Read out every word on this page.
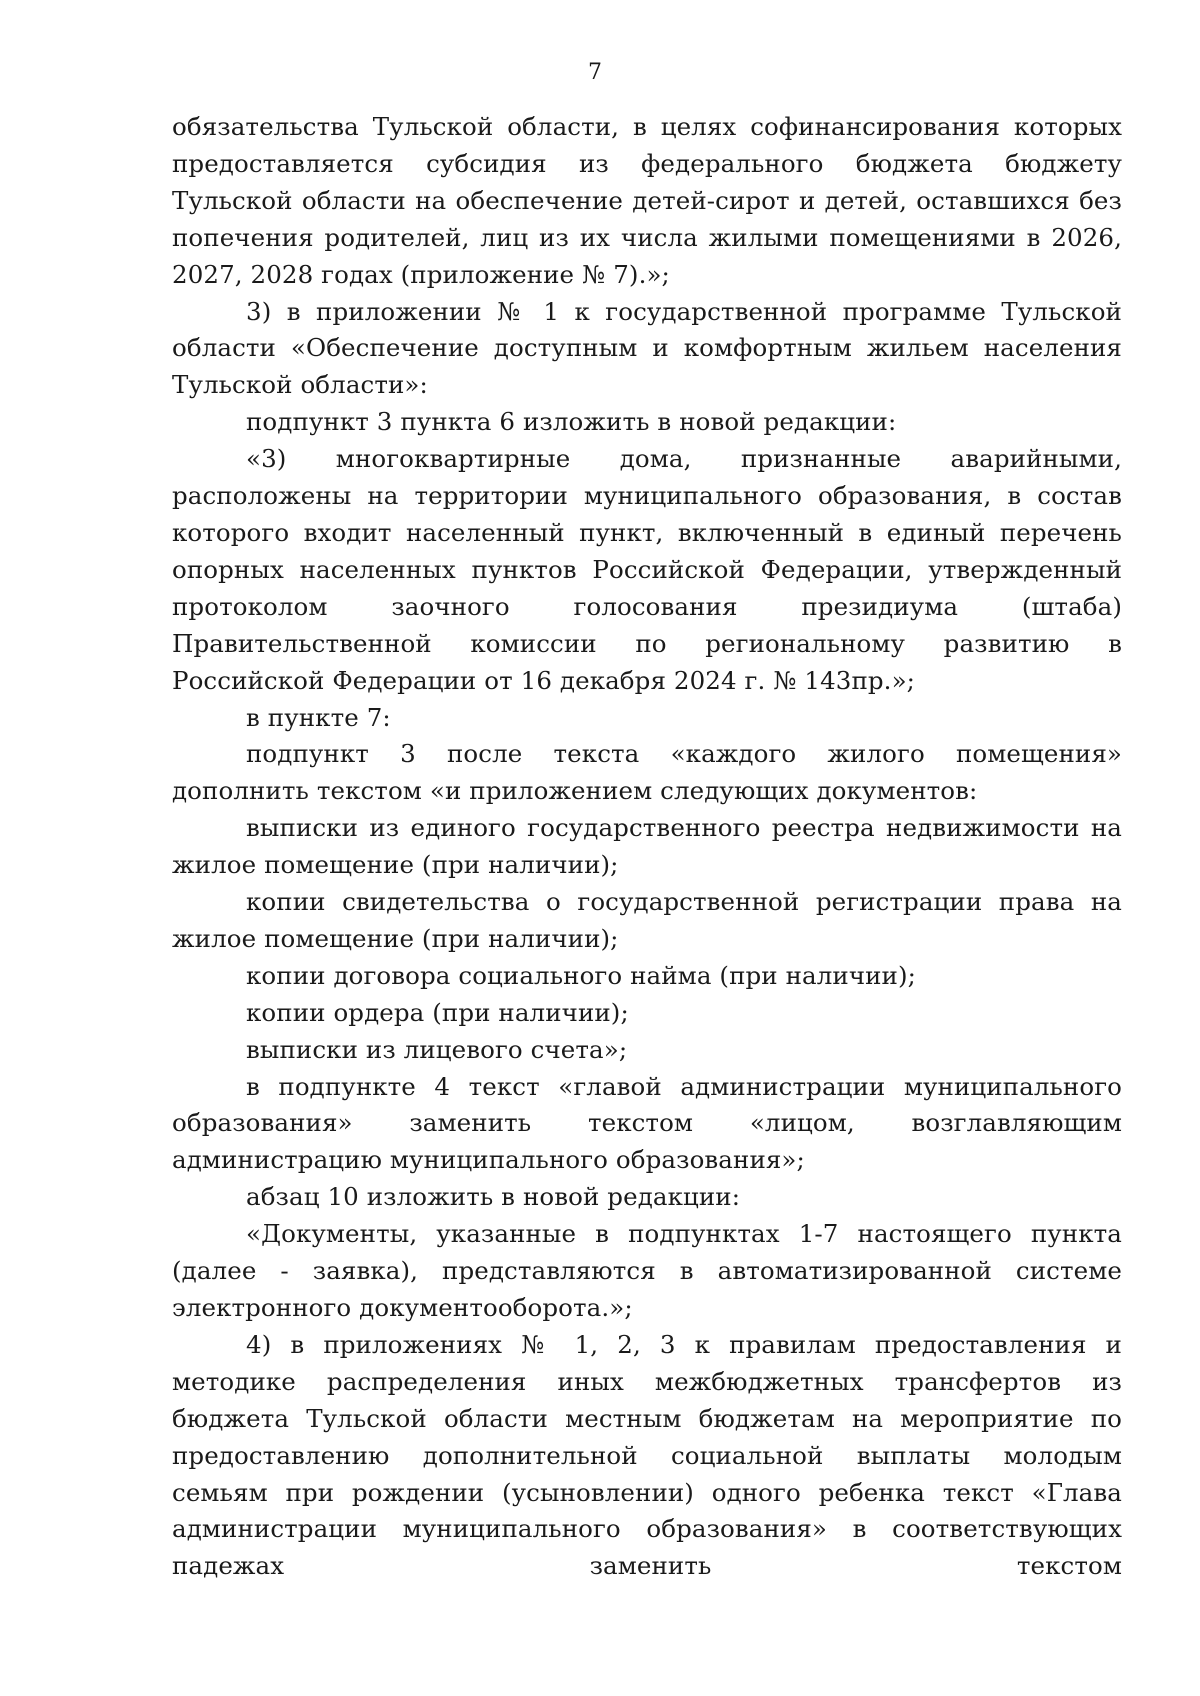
7

обязательства Тульской области, в целях софинансирования которых предоставляется субсидия из федерального бюджета бюджету Тульской области на обеспечение детей-сирот и детей, оставшихся без попечения родителей, лиц из их числа жилыми помещениями в 2026, 2027, 2028 годах (приложение № 7).»;

3) в приложении № 1 к государственной программе Тульской области «Обеспечение доступным и комфортным жильем населения Тульской области»:

подпункт 3 пункта 6 изложить в новой редакции:

«3) многоквартирные дома, признанные аварийными, расположены на территории муниципального образования, в состав которого входит населенный пункт, включенный в единый перечень опорных населенных пунктов Российской Федерации, утвержденный протоколом заочного голосования президиума (штаба) Правительственной комиссии по региональному развитию в Российской Федерации от 16 декабря 2024 г. № 143пр.»;

в пункте 7:

подпункт 3 после текста «каждого жилого помещения» дополнить текстом «и приложением следующих документов:

выписки из единого государственного реестра недвижимости на жилое помещение (при наличии);

копии свидетельства о государственной регистрации права на жилое помещение (при наличии);

копии договора социального найма (при наличии);

копии ордера (при наличии);

выписки из лицевого счета»;

в подпункте 4 текст «главой администрации муниципального образования» заменить текстом «лицом, возглавляющим администрацию муниципального образования»;

абзац 10 изложить в новой редакции:

«Документы, указанные в подпунктах 1-7 настоящего пункта (далее - заявка), представляются в автоматизированной системе электронного документооборота.»;

4) в приложениях № 1, 2, 3 к правилам предоставления и методике распределения иных межбюджетных трансфертов из бюджета Тульской области местным бюджетам на мероприятие по предоставлению дополнительной социальной выплаты молодым семьям при рождении (усыновлении) одного ребенка текст «Глава администрации муниципального образования» в соответствующих падежах заменить текстом
